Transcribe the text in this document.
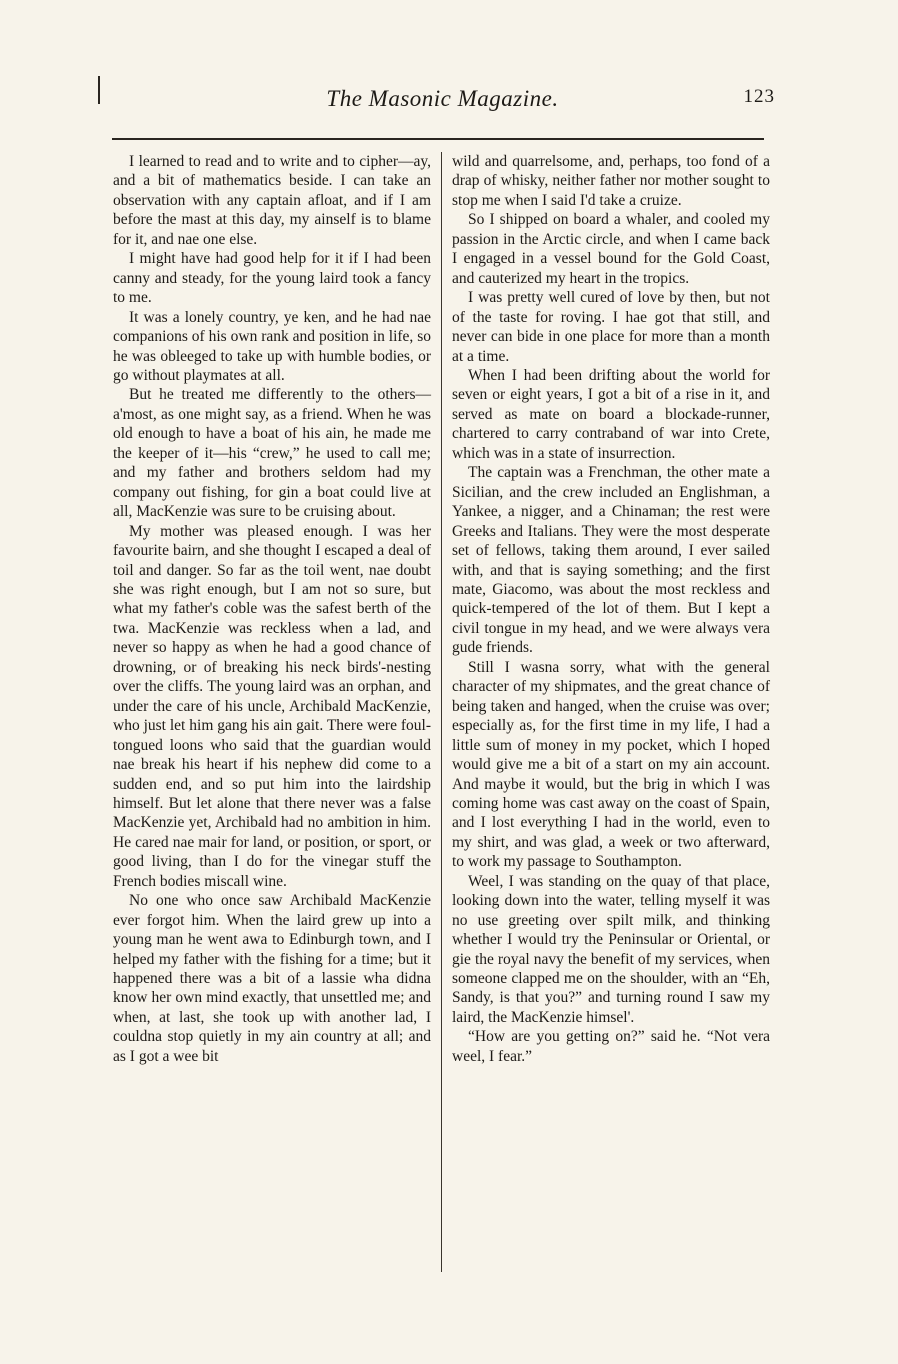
The Masonic Magazine.	123

I learned to read and to write and to cipher—ay, and a bit of mathematics beside. I can take an observation with any captain afloat, and if I am before the mast at this day, my ainself is to blame for it, and nae one else.

I might have had good help for it if I had been canny and steady, for the young laird took a fancy to me.

It was a lonely country, ye ken, and he had nae companions of his own rank and position in life, so he was obleeged to take up with humble bodies, or go without playmates at all.

But he treated me differently to the others—a'most, as one might say, as a friend. When he was old enough to have a boat of his ain, he made me the keeper of it—his “crew,” he used to call me; and my father and brothers seldom had my company out fishing, for gin a boat could live at all, MacKenzie was sure to be cruising about.

My mother was pleased enough. I was her favourite bairn, and she thought I escaped a deal of toil and danger. So far as the toil went, nae doubt she was right enough, but I am not so sure, but what my father's coble was the safest berth of the twa. MacKenzie was reckless when a lad, and never so happy as when he had a good chance of drowning, or of breaking his neck birds'-nesting over the cliffs. The young laird was an orphan, and under the care of his uncle, Archibald MacKenzie, who just let him gang his ain gait. There were foul-tongued loons who said that the guardian would nae break his heart if his nephew did come to a sudden end, and so put him into the lairdship himself. But let alone that there never was a false MacKenzie yet, Archibald had no ambition in him. He cared nae mair for land, or position, or sport, or good living, than I do for the vinegar stuff the French bodies miscall wine.

No one who once saw Archibald MacKenzie ever forgot him. When the laird grew up into a young man he went awa to Edinburgh town, and I helped my father with the fishing for a time; but it happened there was a bit of a lassie wha didna know her own mind exactly, that unsettled me; and when, at last, she took up with another lad, I couldna stop quietly in my ain country at all; and as I got a wee bit

wild and quarrelsome, and, perhaps, too fond of a drap of whisky, neither father nor mother sought to stop me when I said I'd take a cruize.

So I shipped on board a whaler, and cooled my passion in the Arctic circle, and when I came back I engaged in a vessel bound for the Gold Coast, and cauterized my heart in the tropics.

I was pretty well cured of love by then, but not of the taste for roving. I hae got that still, and never can bide in one place for more than a month at a time.

When I had been drifting about the world for seven or eight years, I got a bit of a rise in it, and served as mate on board a blockade-runner, chartered to carry contraband of war into Crete, which was in a state of insurrection.

The captain was a Frenchman, the other mate a Sicilian, and the crew included an Englishman, a Yankee, a nigger, and a Chinaman; the rest were Greeks and Italians. They were the most desperate set of fellows, taking them around, I ever sailed with, and that is saying something; and the first mate, Giacomo, was about the most reckless and quick-tempered of the lot of them. But I kept a civil tongue in my head, and we were always vera gude friends.

Still I wasna sorry, what with the general character of my shipmates, and the great chance of being taken and hanged, when the cruise was over; especially as, for the first time in my life, I had a little sum of money in my pocket, which I hoped would give me a bit of a start on my ain account. And maybe it would, but the brig in which I was coming home was cast away on the coast of Spain, and I lost everything I had in the world, even to my shirt, and was glad, a week or two afterward, to work my passage to Southampton.

Weel, I was standing on the quay of that place, looking down into the water, telling myself it was no use greeting over spilt milk, and thinking whether I would try the Peninsular or Oriental, or gie the royal navy the benefit of my services, when someone clapped me on the shoulder, with an “Eh, Sandy, is that you?” and turning round I saw my laird, the MacKenzie himsel'.

“How are you getting on?” said he. “Not vera weel, I fear.”
